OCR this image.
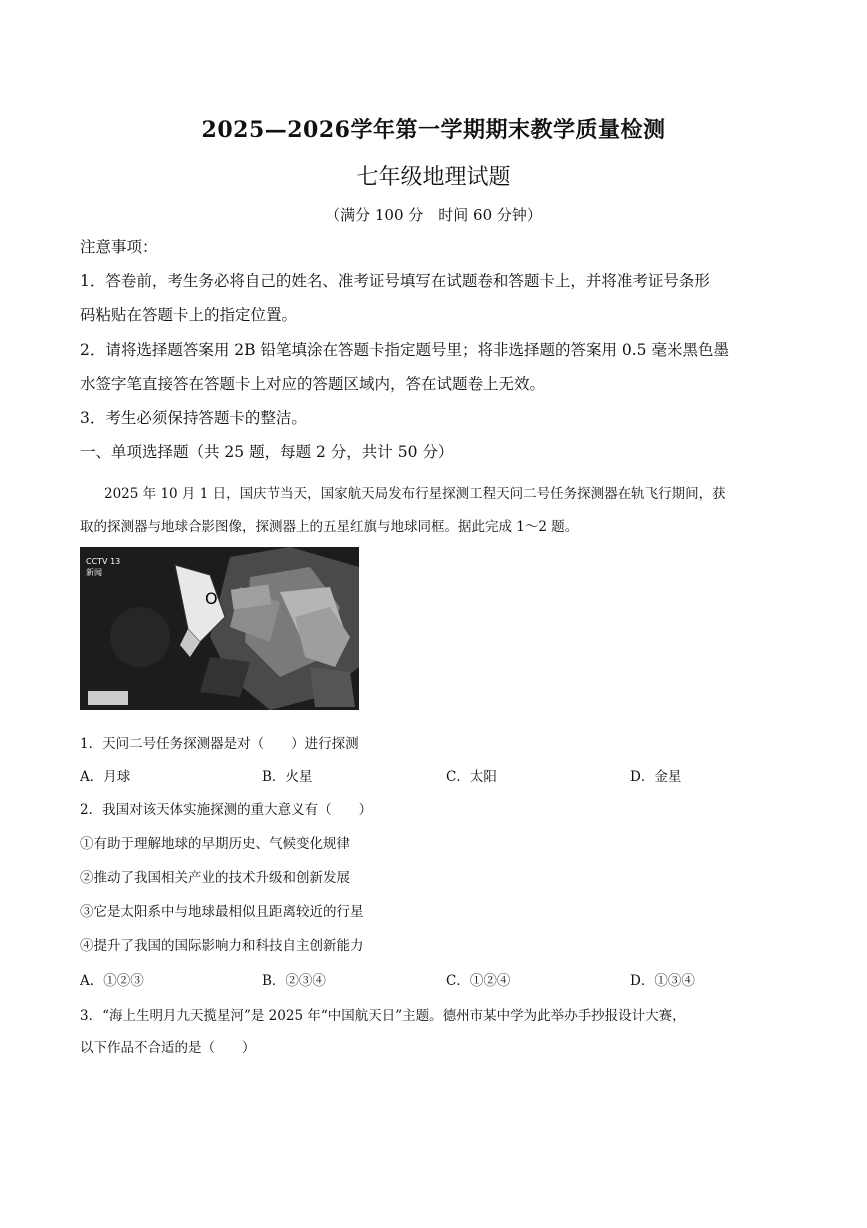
2025—2026学年第一学期期末教学质量检测
七年级地理试题
（满分 100 分　时间 60 分钟）
注意事项：
1．答卷前，考生务必将自己的姓名、准考证号填写在试题卷和答题卡上，并将准考证号条形
码粘贴在答题卡上的指定位置。
2．请将选择题答案用 2B 铅笔填涂在答题卡指定题号里；将非选择题的答案用 0.5 毫米黑色墨
水签字笔直接答在答题卡上对应的答题区域内，答在试题卷上无效。
3．考生必须保持答题卡的整洁。
一、单项选择题（共 25 题，每题 2 分，共计 50 分）
2025 年 10 月 1 日，国庆节当天，国家航天局发布行星探测工程天问二号任务探测器在轨飞行期间，获
取的探测器与地球合影图像，探测器上的五星红旗与地球同框。据此完成 1～2 题。
CCTV 13
新闻
O
1．天问二号任务探测器是对（　　）进行探测
A．月球	B．火星	C．太阳	D．金星
2．我国对该天体实施探测的重大意义有（　　）
①有助于理解地球的早期历史、气候变化规律
②推动了我国相关产业的技术升级和创新发展
③它是太阳系中与地球最相似且距离较近的行星
④提升了我国的国际影响力和科技自主创新能力
A．①②③	B．②③④	C．①②④	D．①③④
3．“海上生明月九天揽星河”是 2025 年“中国航天日”主题。德州市某中学为此举办手抄报设计大赛，
以下作品不合适的是（　　）
